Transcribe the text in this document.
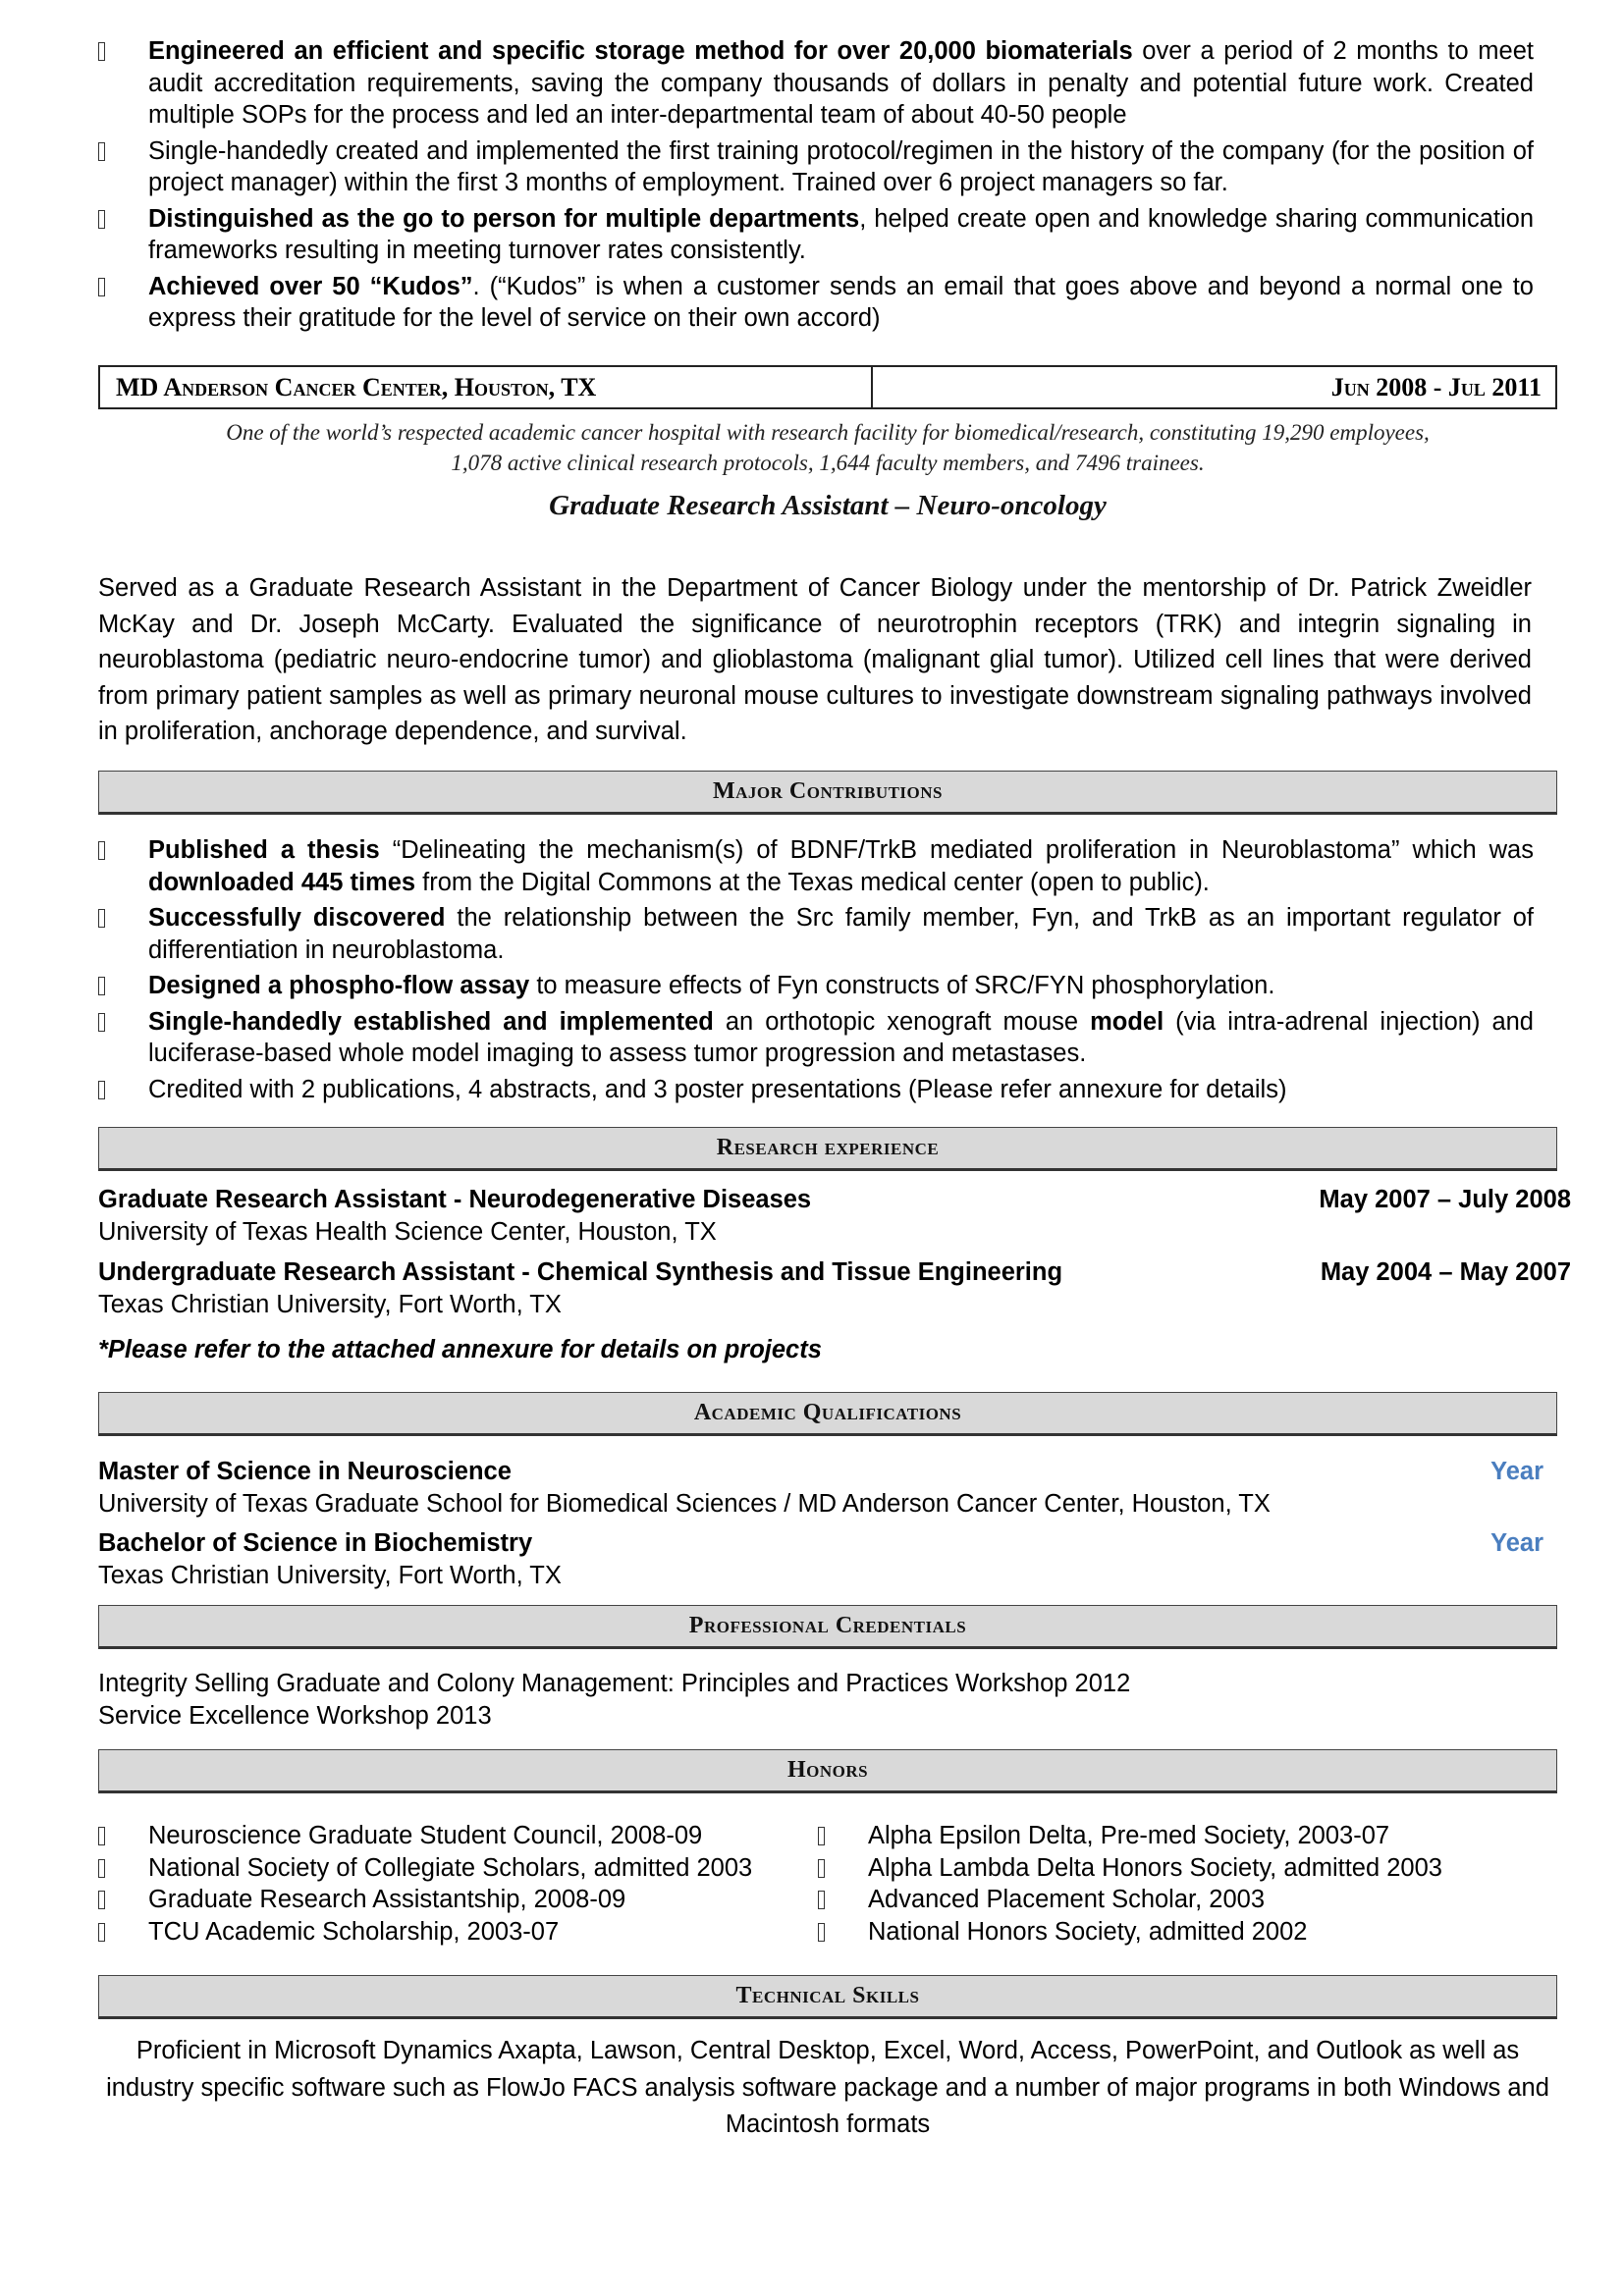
Engineered an efficient and specific storage method for over 20,000 biomaterials over a period of 2 months to meet audit accreditation requirements, saving the company thousands of dollars in penalty and potential future work. Created multiple SOPs for the process and led an inter-departmental team of about 40-50 people
Single-handedly created and implemented the first training protocol/regimen in the history of the company (for the position of project manager) within the first 3 months of employment. Trained over 6 project managers so far.
Distinguished as the go to person for multiple departments, helped create open and knowledge sharing communication frameworks resulting in meeting turnover rates consistently.
Achieved over 50 “Kudos”. (“Kudos” is when a customer sends an email that goes above and beyond a normal one to express their gratitude for the level of service on their own accord)
MD Anderson Cancer Center, Houston, TX	Jun 2008 - Jul 2011
One of the world’s respected academic cancer hospital with research facility for biomedical/research, constituting 19,290 employees,
1,078 active clinical research protocols, 1,644 faculty members, and 7496 trainees.
Graduate Research Assistant – Neuro-oncology
Served as a Graduate Research Assistant in the Department of Cancer Biology under the mentorship of Dr. Patrick Zweidler McKay and Dr. Joseph McCarty. Evaluated the significance of neurotrophin receptors (TRK) and integrin signaling in neuroblastoma (pediatric neuro-endocrine tumor) and glioblastoma (malignant glial tumor). Utilized cell lines that were derived from primary patient samples as well as primary neuronal mouse cultures to investigate downstream signaling pathways involved in proliferation, anchorage dependence, and survival.
Major Contributions
Published a thesis “Delineating the mechanism(s) of BDNF/TrkB mediated proliferation in Neuroblastoma” which was downloaded 445 times from the Digital Commons at the Texas medical center (open to public).
Successfully discovered the relationship between the Src family member, Fyn, and TrkB as an important regulator of differentiation in neuroblastoma.
Designed a phospho-flow assay to measure effects of Fyn constructs of SRC/FYN phosphorylation.
Single-handedly established and implemented an orthotopic xenograft mouse model (via intra-adrenal injection) and luciferase-based whole model imaging to assess tumor progression and metastases.
Credited with 2 publications, 4 abstracts, and 3 poster presentations (Please refer annexure for details)
Research experience
Graduate Research Assistant - Neurodegenerative Diseases
University of Texas Health Science Center, Houston, TX
May 2007 – July 2008
Undergraduate Research Assistant - Chemical Synthesis and Tissue Engineering
Texas Christian University, Fort Worth, TX
May 2004 – May 2007
*Please refer to the attached annexure for details on projects
Academic Qualifications
Master of Science in Neuroscience
University of Texas Graduate School for Biomedical Sciences / MD Anderson Cancer Center, Houston, TX
Year
Bachelor of Science in Biochemistry
Texas Christian University, Fort Worth, TX
Year
Professional Credentials
Integrity Selling Graduate and Colony Management: Principles and Practices Workshop 2012
Service Excellence Workshop 2013
Honors
Neuroscience Graduate Student Council, 2008-09
National Society of Collegiate Scholars, admitted 2003
Graduate Research Assistantship, 2008-09
TCU Academic Scholarship, 2003-07
Alpha Epsilon Delta, Pre-med Society, 2003-07
Alpha Lambda Delta Honors Society, admitted 2003
Advanced Placement Scholar, 2003
National Honors Society, admitted 2002
Technical Skills
Proficient in Microsoft Dynamics Axapta, Lawson, Central Desktop, Excel, Word, Access, PowerPoint, and Outlook as well as industry specific software such as FlowJo FACS analysis software package and a number of major programs in both Windows and Macintosh formats
